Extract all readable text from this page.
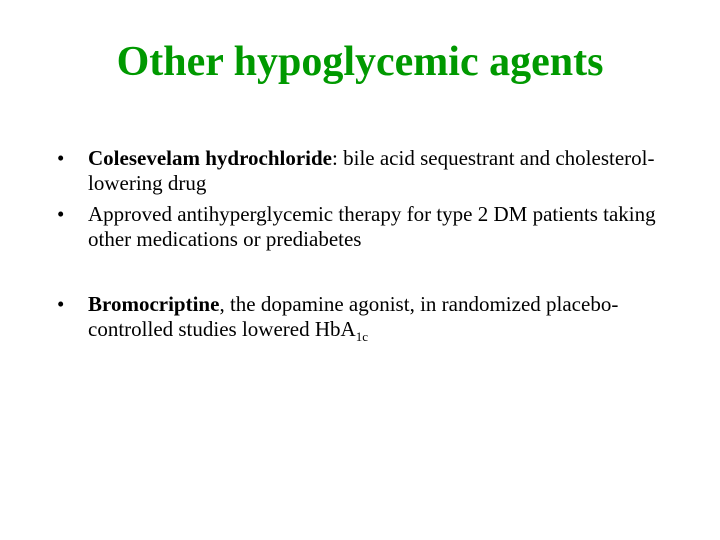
Other hypoglycemic agents
•	Colesevelam hydrochloride: bile acid sequestrant and cholesterol-lowering drug
•	Approved antihyperglycemic therapy for type 2 DM patients taking other medications or prediabetes
•	Bromocriptine, the dopamine agonist, in randomized placebo-controlled studies lowered HbA$_{1c}$
